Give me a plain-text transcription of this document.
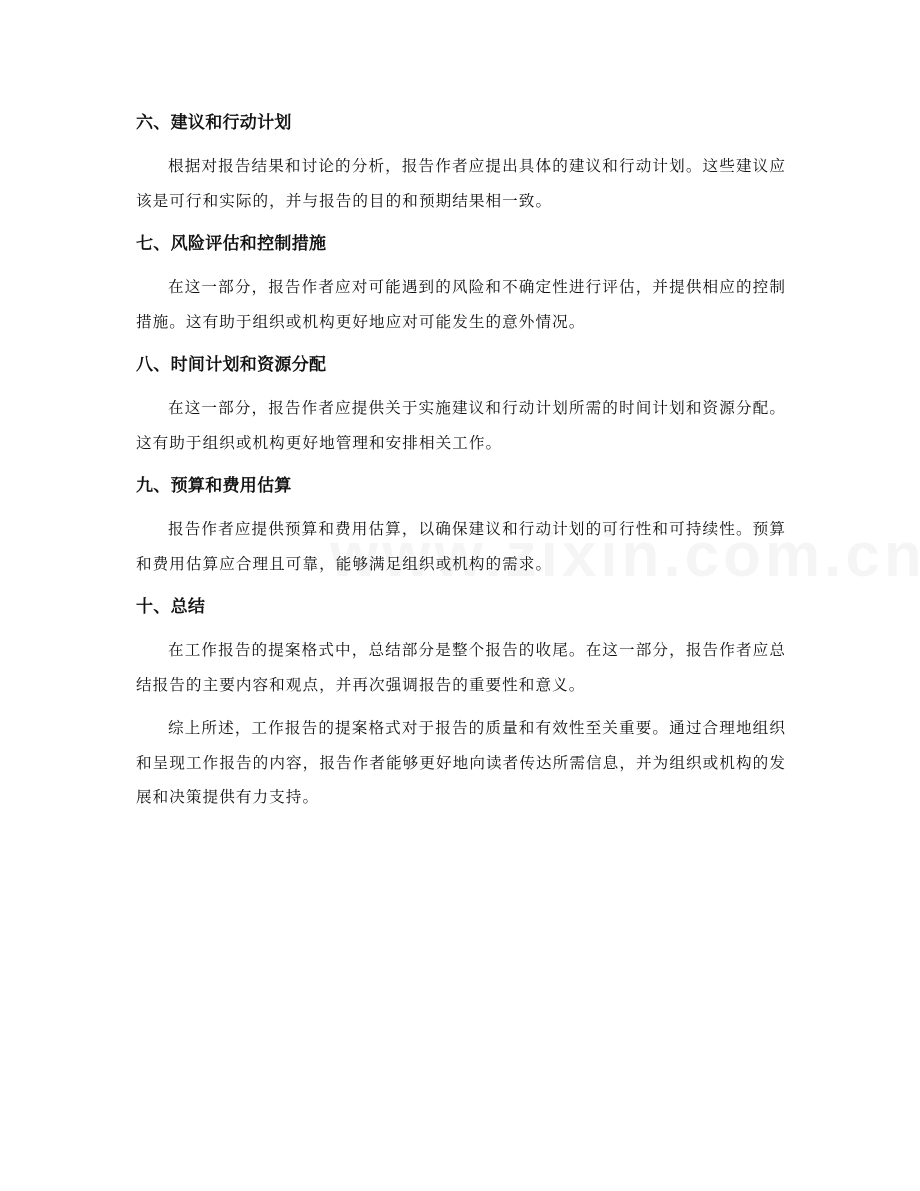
六、建议和行动计划

根据对报告结果和讨论的分析，报告作者应提出具体的建议和行动计划。这些建议应该是可行和实际的，并与报告的目的和预期结果相一致。

七、风险评估和控制措施

在这一部分，报告作者应对可能遇到的风险和不确定性进行评估，并提供相应的控制措施。这有助于组织或机构更好地应对可能发生的意外情况。

八、时间计划和资源分配

在这一部分，报告作者应提供关于实施建议和行动计划所需的时间计划和资源分配。这有助于组织或机构更好地管理和安排相关工作。

九、预算和费用估算

报告作者应提供预算和费用估算，以确保建议和行动计划的可行性和可持续性。预算和费用估算应合理且可靠，能够满足组织或机构的需求。

十、总结

在工作报告的提案格式中，总结部分是整个报告的收尾。在这一部分，报告作者应总结报告的主要内容和观点，并再次强调报告的重要性和意义。

综上所述，工作报告的提案格式对于报告的质量和有效性至关重要。通过合理地组织和呈现工作报告的内容，报告作者能够更好地向读者传达所需信息，并为组织或机构的发展和决策提供有力支持。
